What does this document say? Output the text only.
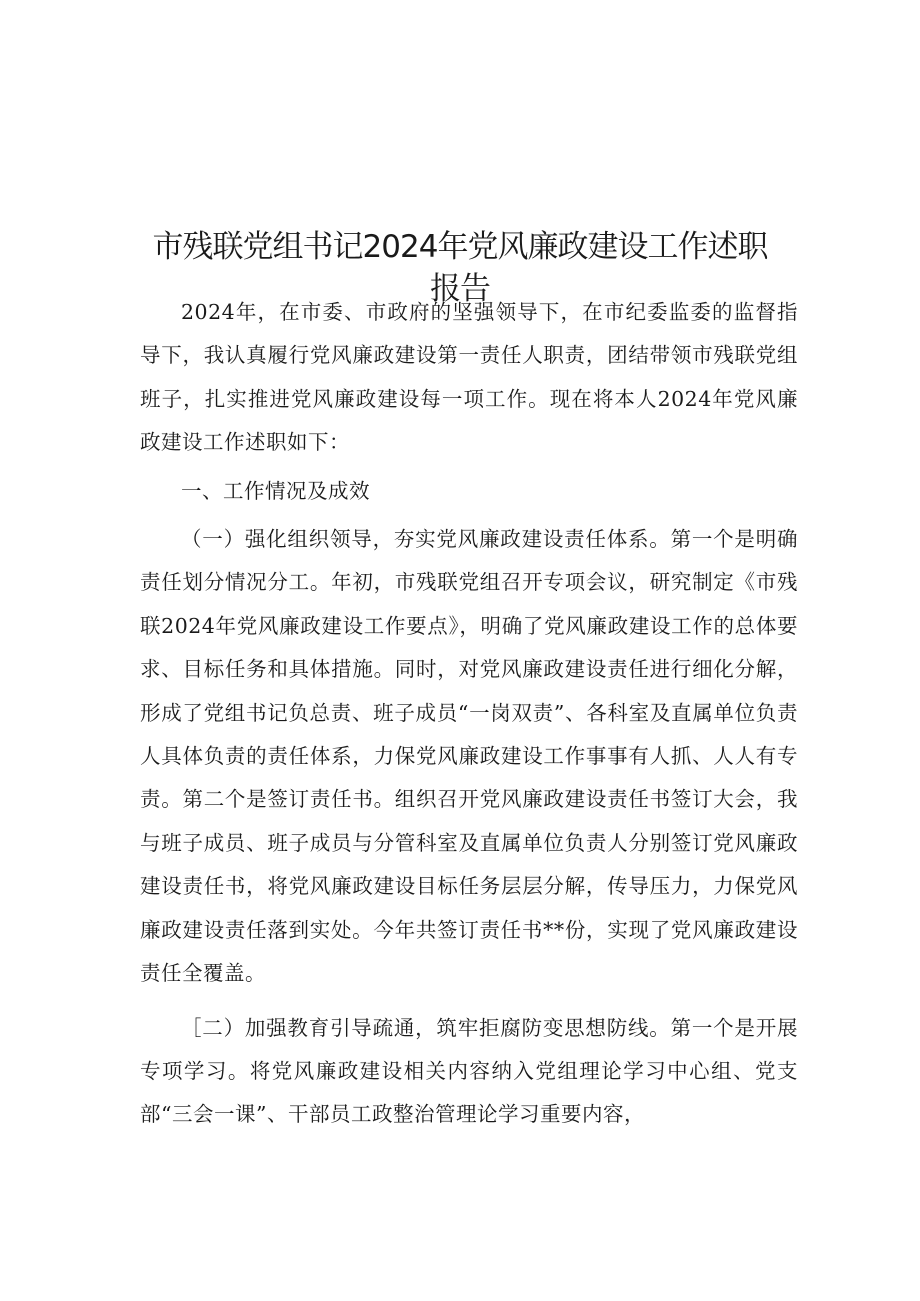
市残联党组书记2024年党风廉政建设工作述职
报告

2024年，在市委、市政府的坚强领导下，在市纪委监委的监督指导下，我认真履行党风廉政建设第一责任人职责，团结带领市残联党组班子，扎实推进党风廉政建设每一项工作。现在将本人2024年党风廉政建设工作述职如下：

一、工作情况及成效

（一）强化组织领导，夯实党风廉政建设责任体系。第一个是明确责任划分情况分工。年初，市残联党组召开专项会议，研究制定《市残联2024年党风廉政建设工作要点》，明确了党风廉政建设工作的总体要求、目标任务和具体措施。同时，对党风廉政建设责任进行细化分解，形成了党组书记负总责、班子成员“一岗双责”、各科室及直属单位负责人具体负责的责任体系，力保党风廉政建设工作事事有人抓、人人有专责。第二个是签订责任书。组织召开党风廉政建设责任书签订大会，我与班子成员、班子成员与分管科室及直属单位负责人分别签订党风廉政建设责任书，将党风廉政建设目标任务层层分解，传导压力，力保党风廉政建设责任落到实处。今年共签订责任书**份，实现了党风廉政建设责任全覆盖。

［二）加强教育引导疏通，筑牢拒腐防变思想防线。第一个是开展专项学习。将党风廉政建设相关内容纳入党组理论学习中心组、党支部“三会一课”、干部员工政整治管理论学习重要内容，
